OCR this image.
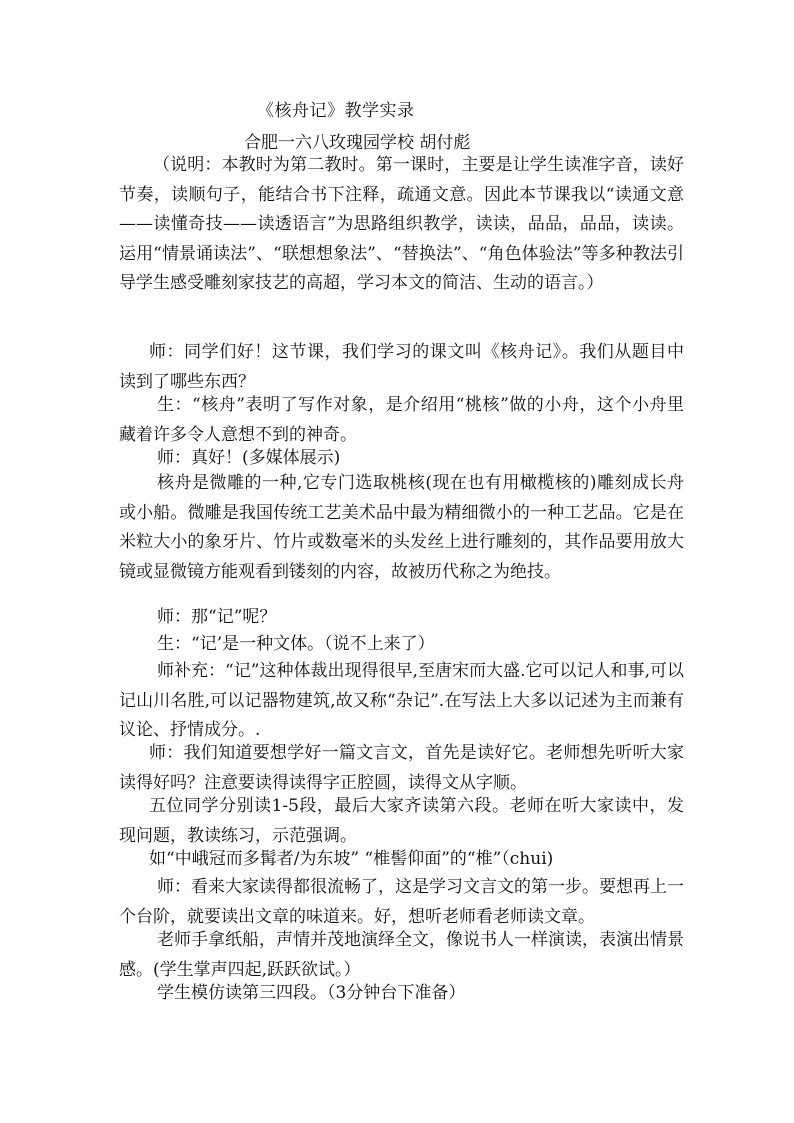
《核舟记》教学实录
合肥一六八玫瑰园学校 胡付彪

（说明：本教时为第二教时。第一课时，主要是让学生读准字音，读好节奏，读顺句子，能结合书下注释，疏通文意。因此本节课我以“读通文意——读懂奇技——读透语言”为思路组织教学，读读，品品，品品，读读。运用“情景诵读法”、“联想想象法”、“替换法”、“角色体验法”等多种教法引导学生感受雕刻家技艺的高超，学习本文的简洁、生动的语言。）

师：同学们好！这节课，我们学习的课文叫《核舟记》。我们从题目中读到了哪些东西？

生：“核舟”表明了写作对象，是介绍用“桃核”做的小舟，这个小舟里藏着许多令人意想不到的神奇。

师：真好！(多媒体展示)

核舟是微雕的一种,它专门选取桃核(现在也有用橄榄核的)雕刻成长舟或小船。微雕是我国传统工艺美术品中最为精细微小的一种工艺品。它是在米粒大小的象牙片、竹片或数毫米的头发丝上进行雕刻的，其作品要用放大镜或显微镜方能观看到镂刻的内容，故被历代称之为绝技。

师：那“记”呢？

生：“记’是一种文体。（说不上来了）

师补充：“记”这种体裁出现得很早,至唐宋而大盛.它可以记人和事,可以记山川名胜,可以记器物建筑,故又称“杂记”.在写法上大多以记述为主而兼有议论、抒情成分。.

师：我们知道要想学好一篇文言文，首先是读好它。老师想先听听大家读得好吗？注意要读得读得字正腔圆，读得文从字顺。

五位同学分别读1-5段，最后大家齐读第六段。老师在听大家读中，发现问题，教读练习，示范强调。

如“中峨冠而多髯者/为东坡” “椎髻仰面”的“椎”（chui)

师：看来大家读得都很流畅了，这是学习文言文的第一步。要想再上一个台阶，就要读出文章的味道来。好，想听老师看老师读文章。

老师手拿纸船，声情并茂地演绎全文，像说书人一样演读，表演出情景感。(学生掌声四起,跃跃欲试。）

学生模仿读第三四段。（3分钟台下准备）
